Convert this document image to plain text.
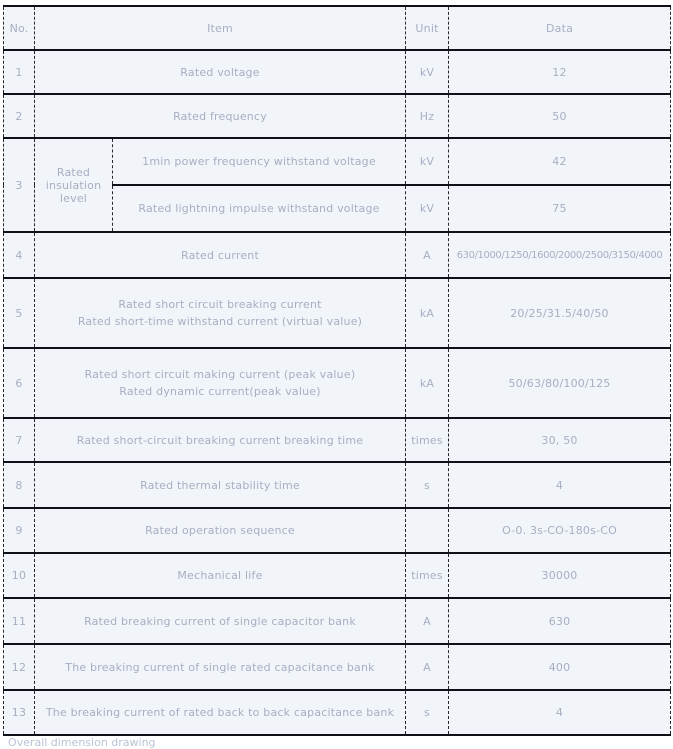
No.	Item		Unit	Data
1	Rated voltage		kV	12
2	Rated frequency		Hz	50
3	Rated insulation level	1min power frequency withstand voltage	kV	42
		Rated lightning impulse withstand voltage	kV	75
4	Rated current		A	630/1000/1250/1600/2000/2500/3150/4000
5	Rated short circuit breaking current
Rated short-time withstand current (virtual value)		kA	20/25/31.5/40/50
6	Rated short circuit making current (peak value)
Rated dynamic current(peak value)		kA	50/63/80/100/125
7	Rated short-circuit breaking current breaking time		times	30, 50
8	Rated thermal stability time		s	4
9	Rated operation sequence			O-0. 3s-CO-180s-CO
10	Mechanical life		times	30000
11	Rated breaking current of single capacitor bank		A	630
12	The breaking current of single rated capacitance bank		A	400
13	The breaking current of rated back to back capacitance bank		s	4
Overall dimension drawing
